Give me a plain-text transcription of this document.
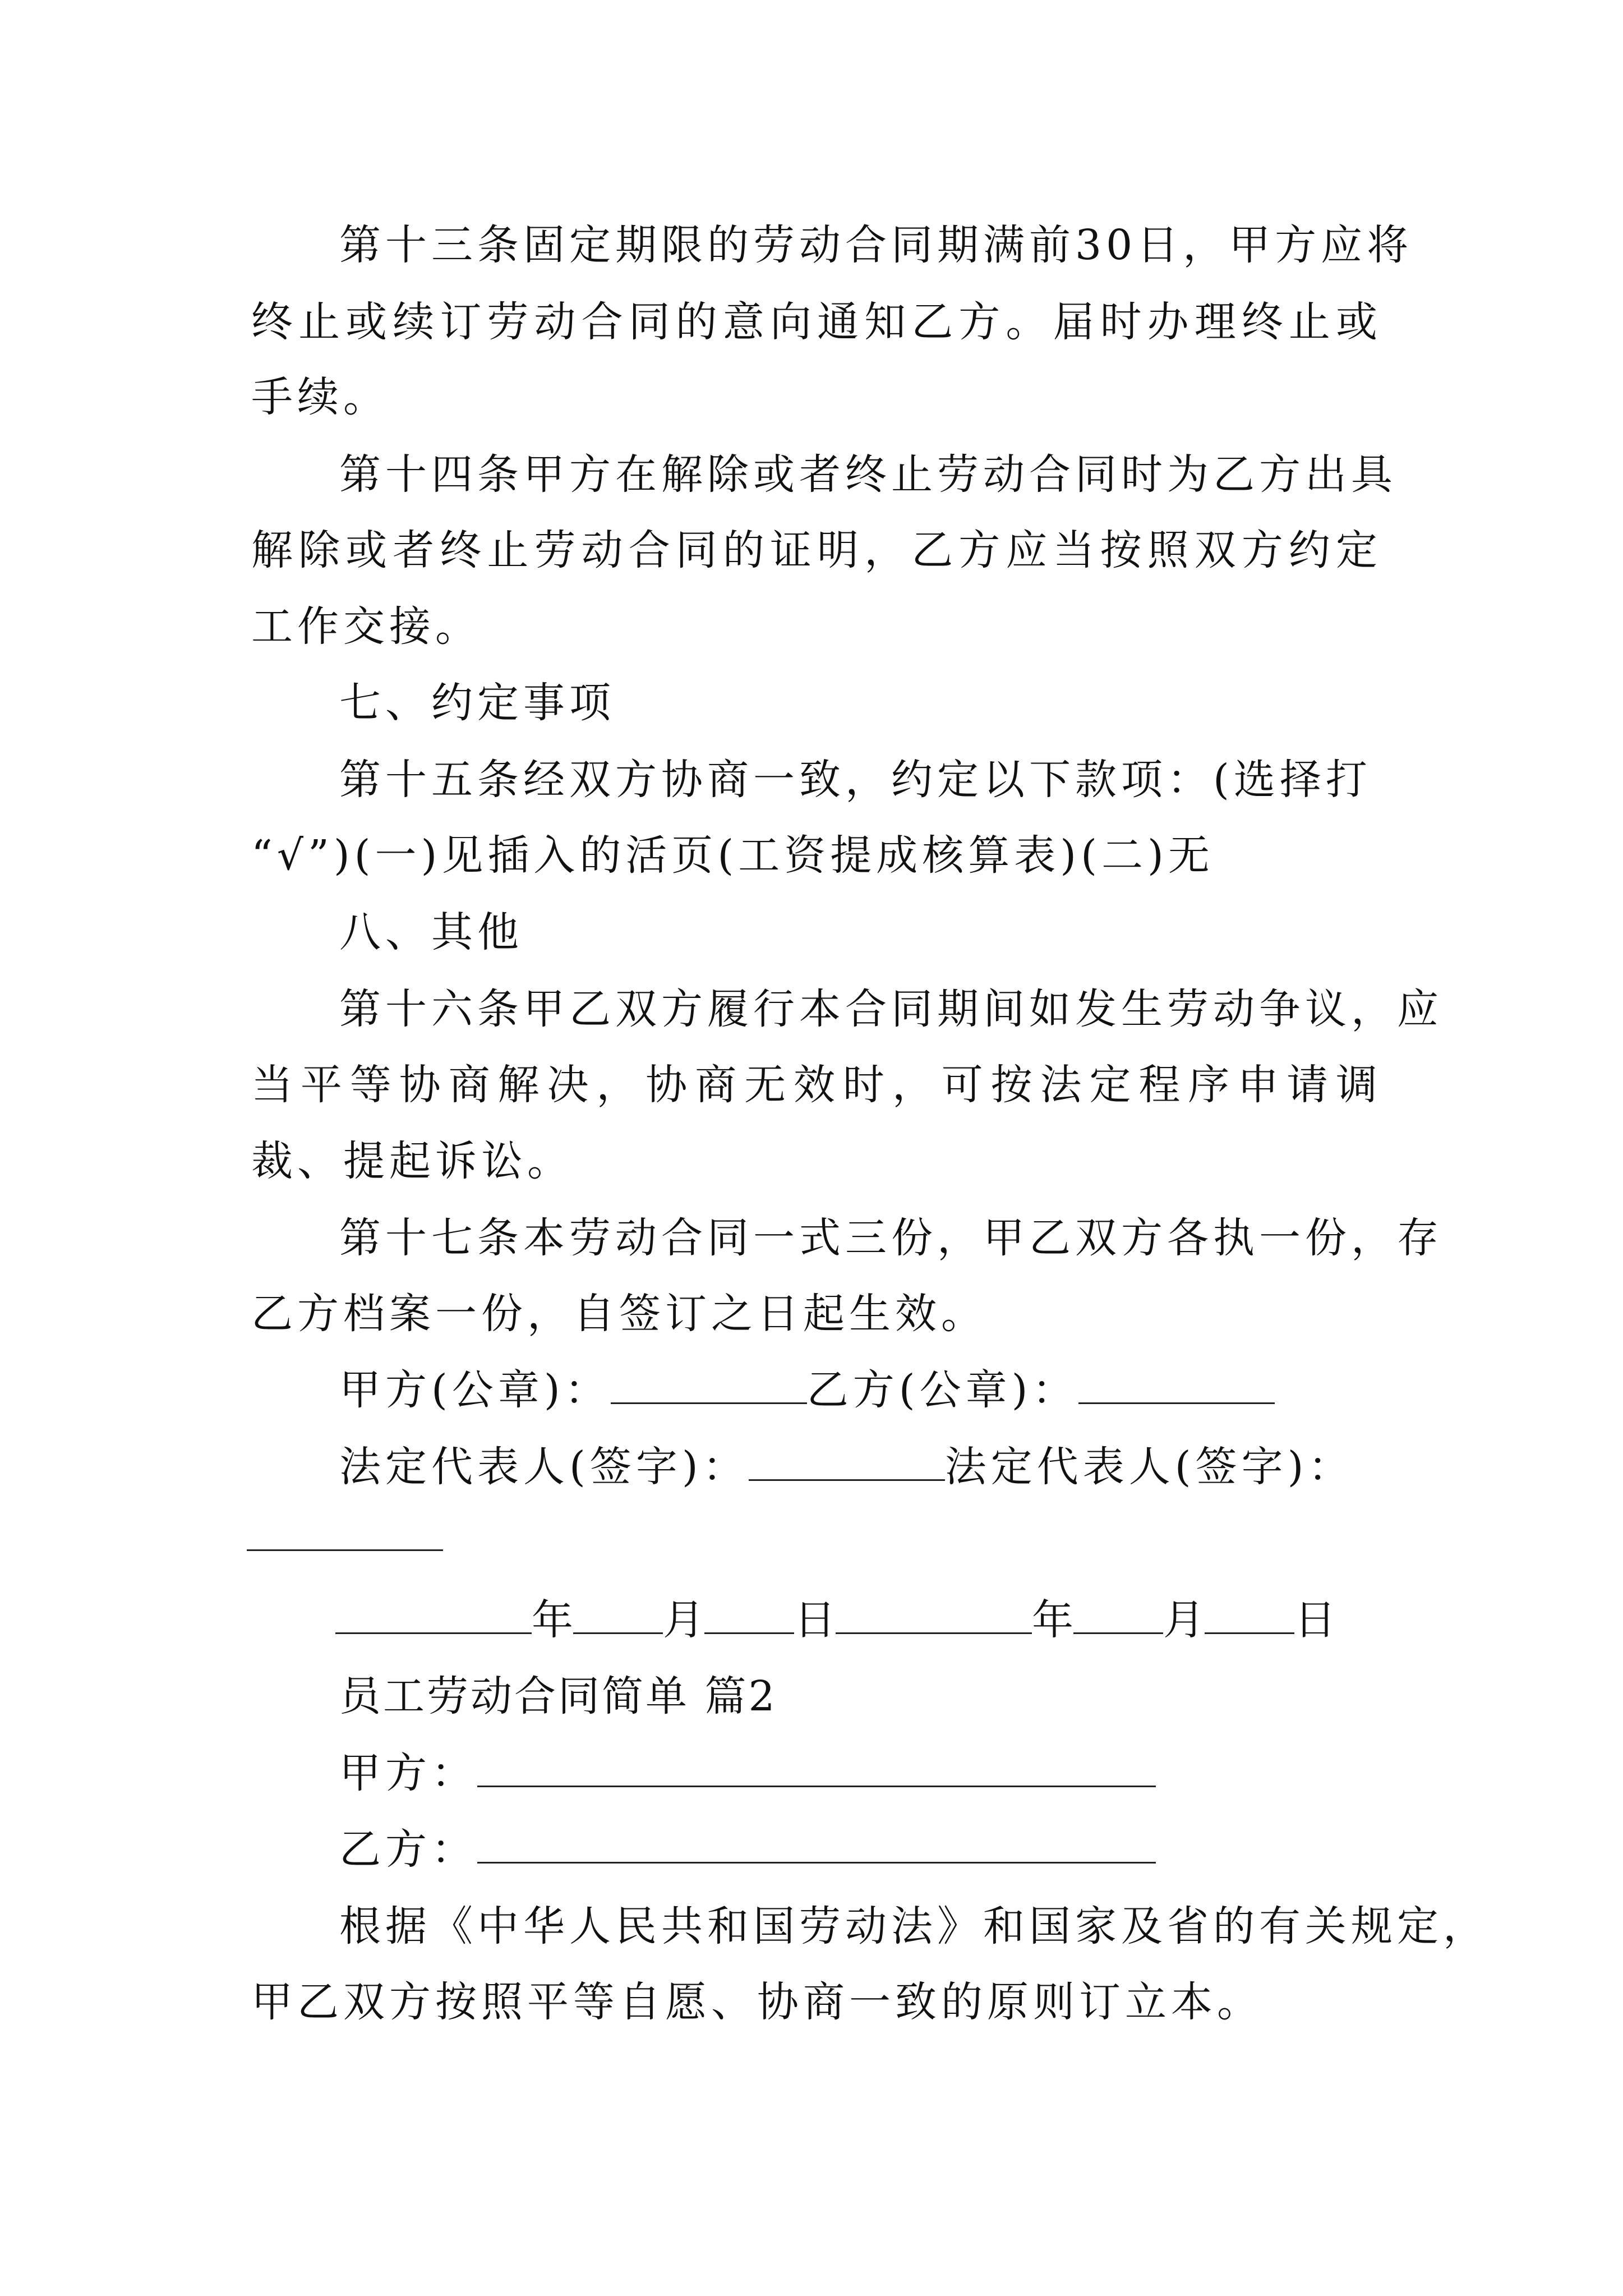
第十三条固定期限的劳动合同期满前30日，甲方应将
终止或续订劳动合同的意向通知乙方。届时办理终止或
手续。
第十四条甲方在解除或者终止劳动合同时为乙方出具
解除或者终止劳动合同的证明，乙方应当按照双方约定
工作交接。
七、约定事项
第十五条经双方协商一致，约定以下款项：(选择打
“√”)(一)见插入的活页(工资提成核算表)(二)无
八、其他
第十六条甲乙双方履行本合同期间如发生劳动争议，应
当平等协商解决，协商无效时，可按法定程序申请调
裁、提起诉讼。
第十七条本劳动合同一式三份，甲乙双方各执一份，存
乙方档案一份，自签订之日起生效。
甲方(公章)：	乙方(公章)：
法定代表人(签字)：	法定代表人(签字)：
年 月 日	年 月 日
员工劳动合同简单 篇2
甲方：
乙方：
根据《中华人民共和国劳动法》和国家及省的有关规定，
甲乙双方按照平等自愿、协商一致的原则订立本。
